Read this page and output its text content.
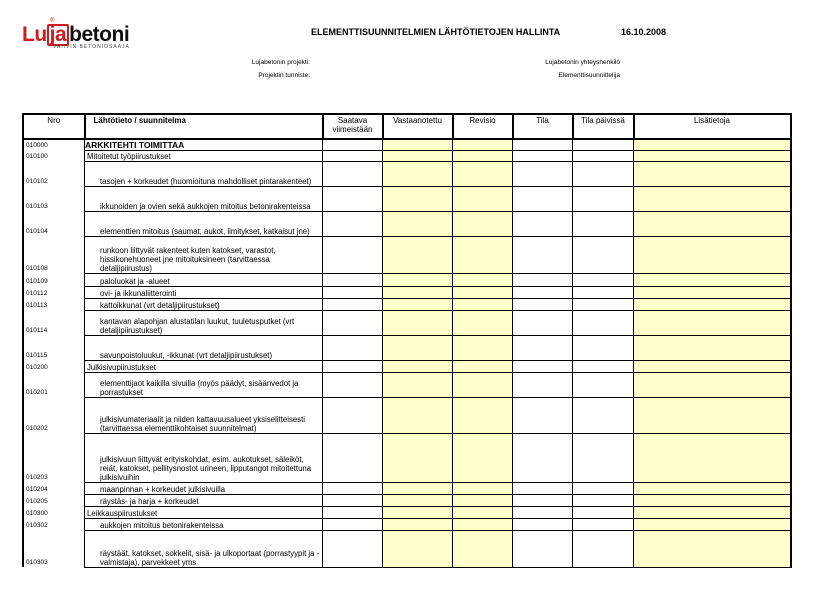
®
Lu ja betoni
VAHVIN BETONIOSAAJA
ELEMENTTISUUNNITELMIEN LÄHTÖTIETOJEN HALLINTA	16.10.2008
Lujabetonin projekti:
Projektin tunniste:
Lujabetonin yhteyshenkilö
Elementtisuunnittelija
Nro	Lähtötieto / suunnitelma	Saatava viimeistään	Vastaanotettu	Revisio	Tila	Tila päivissä	Lisätietoja
010000	ARKKITEHTI TOIMITTAA						
010100	Mitoitetut työpiirustukset						
010102	tasojen + korkeudet (huomioituna mahdolliset pintarakenteet)						
010103	ikkunoiden ja ovien sekä aukkojen mitoitus betonirakenteissa						
010104	elementtien mitoitus (saumat, aukot, limitykset, katkaisut jne)						
010108	runkoon liittyvät rakenteet kuten katokset, varastot, hissikonehuoneet jne mitoituksineen (tarvittaessa detaljipiirustus)						
010109	paloluokat ja -alueet						
010112	ovi- ja ikkunaliitterointi						
010113	kattoikkunat (vrt detaljipiirustukset)						
010114	kantavan alapohjan alustatilan luukut, tuuletusputket (vrt detaljipiirustukset)						
010115	savunpoistoluukut, -ikkunat (vrt detaljipiirustukset)						
010200	Julkisivupiirustukset						
010201	elementtijaot kaikilla sivuilla (myös päädyt, sisäänvedot ja porrastukset						
010202	julkisivumateriaalit ja niiden kattavuusalueet yksiselitteisesti (tarvittaessa elementtikohtaiset suunnitelmat)						
010203	julkisivuun liittyvät erityiskohdat, esim. aukotukset, säleiköt, reiät, katokset, pellitysnostot urineen, lipputangot mitoitettuna julkisivuihin						
010204	maanpinnan + korkeudet julkisivuilla						
010205	räystäs- ja harja + korkeudet						
010300	Leikkauspiirustukset						
010302	aukkojen mitoitus betonirakenteissa						
010303	räystäät, katokset, sokkelit, sisä- ja ulkoportaat (porrastyypit ja -valmistaja), parvekkeet yms						
